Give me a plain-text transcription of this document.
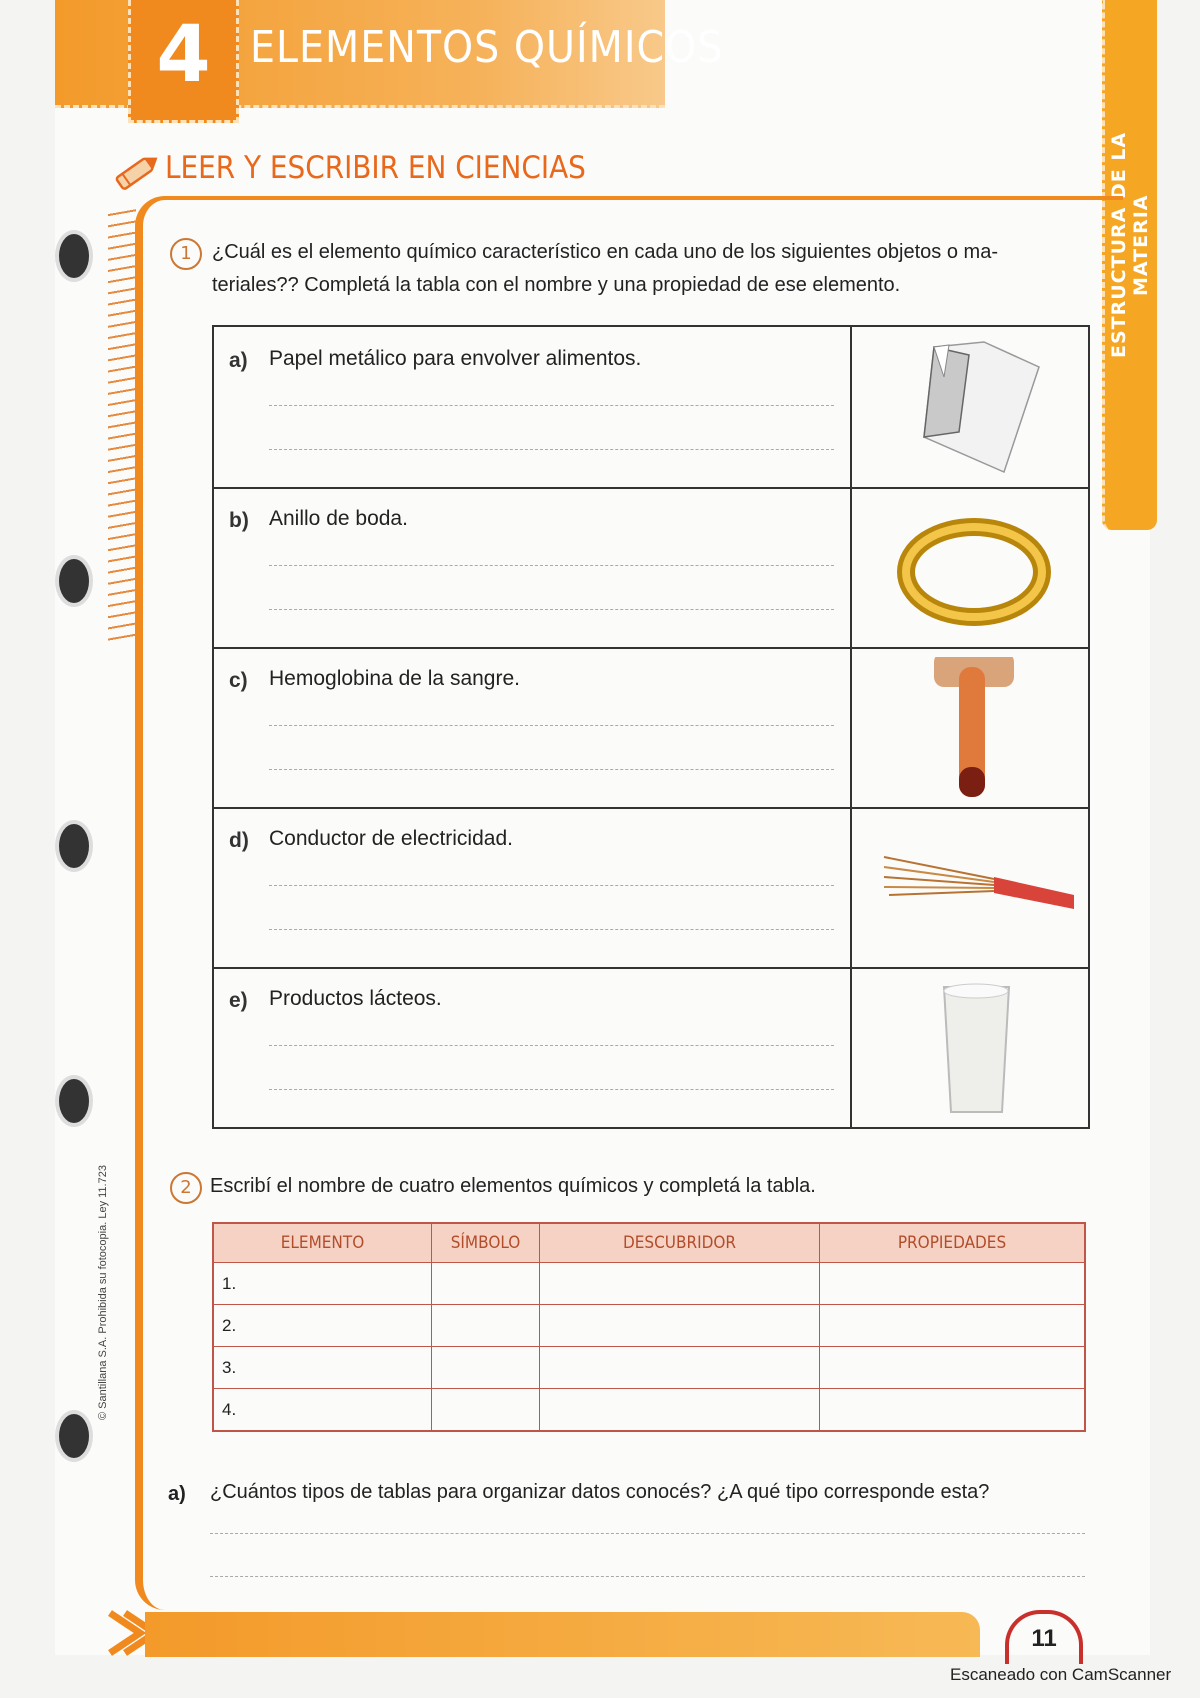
4 ELEMENTOS QUÍMICOS
ESTRUCTURA DE LA MATERIA
LEER Y ESCRIBIR EN CIENCIAS
© Santillana S.A. Prohibida su fotocopia. Ley 11.723
1	¿Cuál es el elemento químico característico en cada uno de los siguientes objetos o ma-
teriales?? Completá la tabla con el nombre y una propiedad de ese elemento.
a) Papel metálico para envolver alimentos.
b) Anillo de boda.
c) Hemoglobina de la sangre.
d) Conductor de electricidad.
e) Productos lácteos.
2 Escribí el nombre de cuatro elementos químicos y completá la tabla.
ELEMENTO	SÍMBOLO	DESCUBRIDOR	PROPIEDADES
1.			
2.			
3.			
4.			
a) ¿Cuántos tipos de tablas para organizar datos conocés? ¿A qué tipo corresponde esta?
11
Escaneado con CamScanner
